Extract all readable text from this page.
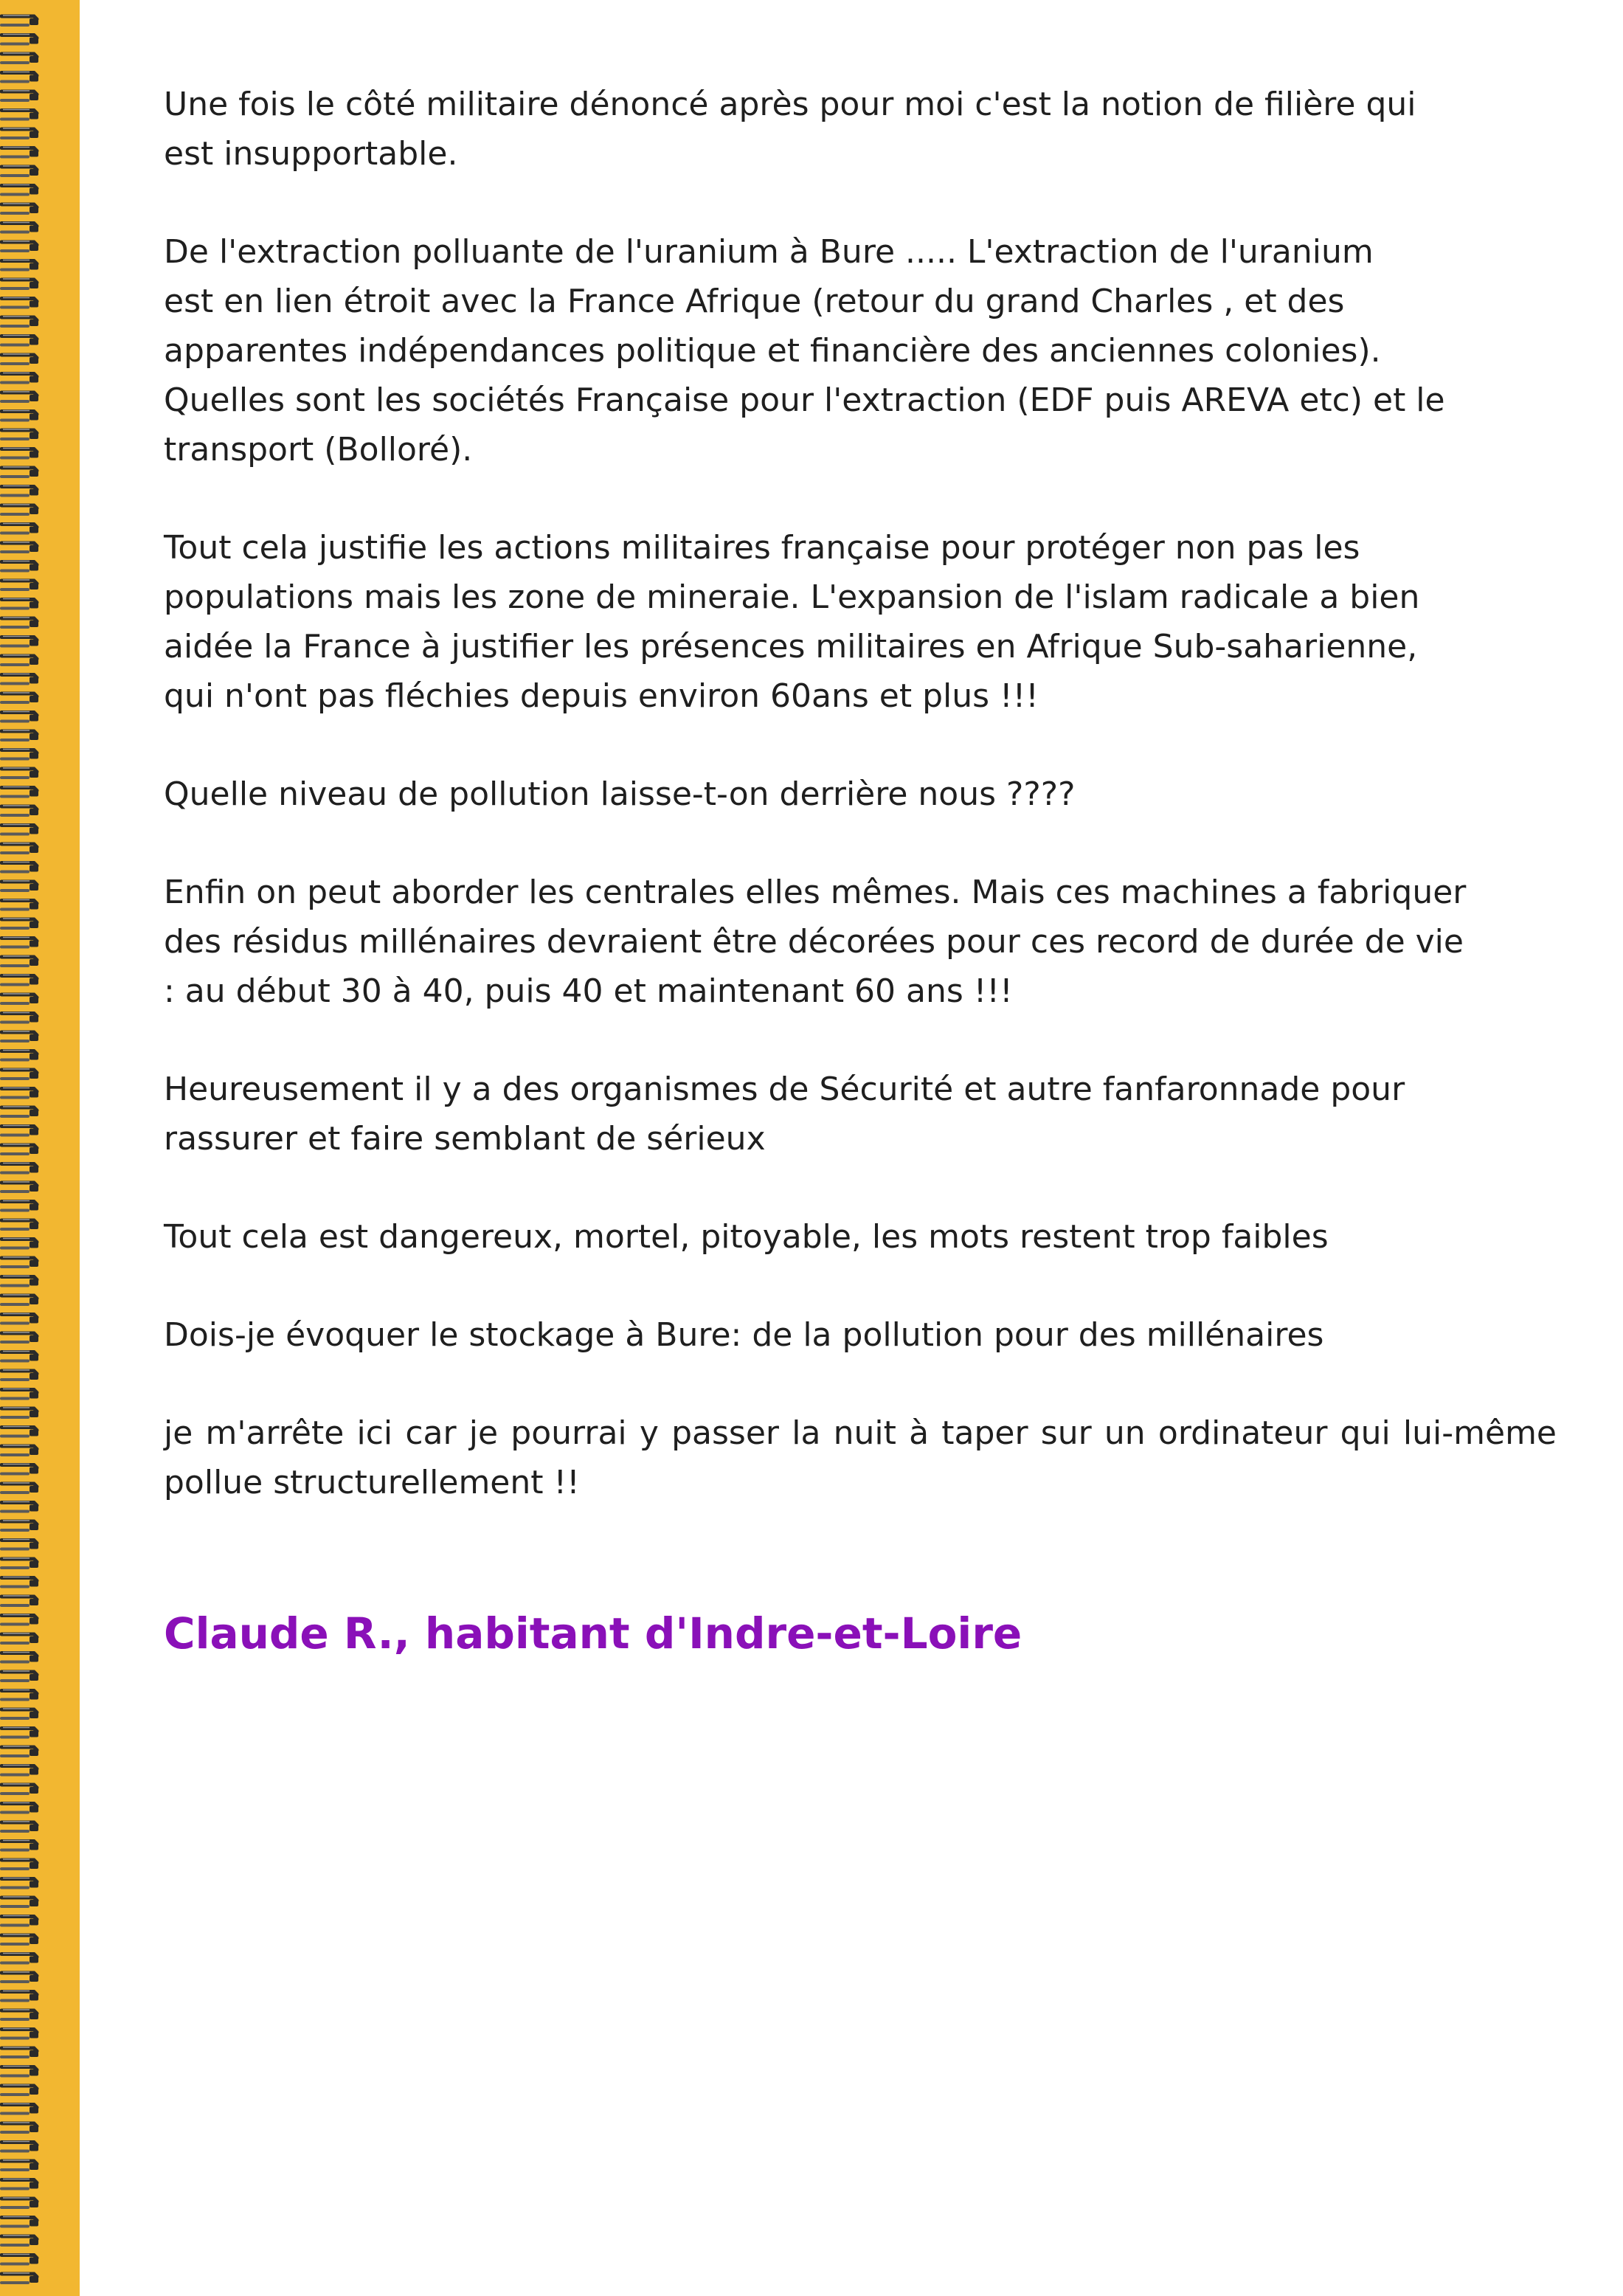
Une fois le côté militaire dénoncé après pour moi c'est la notion de filière qui
est insupportable.

De l'extraction polluante de l'uranium à Bure ..... L'extraction de l'uranium
est en lien étroit avec la France Afrique (retour du grand Charles , et des
apparentes indépendances politique et financière des anciennes colonies).
Quelles sont les sociétés Française pour l'extraction (EDF puis AREVA etc) et le
transport (Bolloré).

Tout cela justifie les actions militaires française pour protéger non pas les
populations mais les zone de mineraie. L'expansion de l'islam radicale a bien
aidée la France à justifier les présences militaires en Afrique Sub-saharienne,
qui n'ont pas fléchies depuis environ 60ans et plus !!!

Quelle niveau de pollution laisse-t-on derrière nous ????

Enfin on peut aborder les centrales elles mêmes. Mais ces machines a fabriquer
des résidus millénaires devraient être décorées pour ces record de durée de vie
: au début 30 à 40, puis 40 et maintenant 60 ans !!!

Heureusement il y a des organismes de Sécurité et autre fanfaronnade pour
rassurer et faire semblant de sérieux

Tout cela est dangereux, mortel, pitoyable, les mots restent trop faibles

Dois-je évoquer le stockage à Bure: de la pollution pour des millénaires

je m'arrête ici car je pourrai y passer la nuit à taper sur un ordinateur qui lui-même pollue structurellement !!

Claude R., habitant d'Indre-et-Loire
